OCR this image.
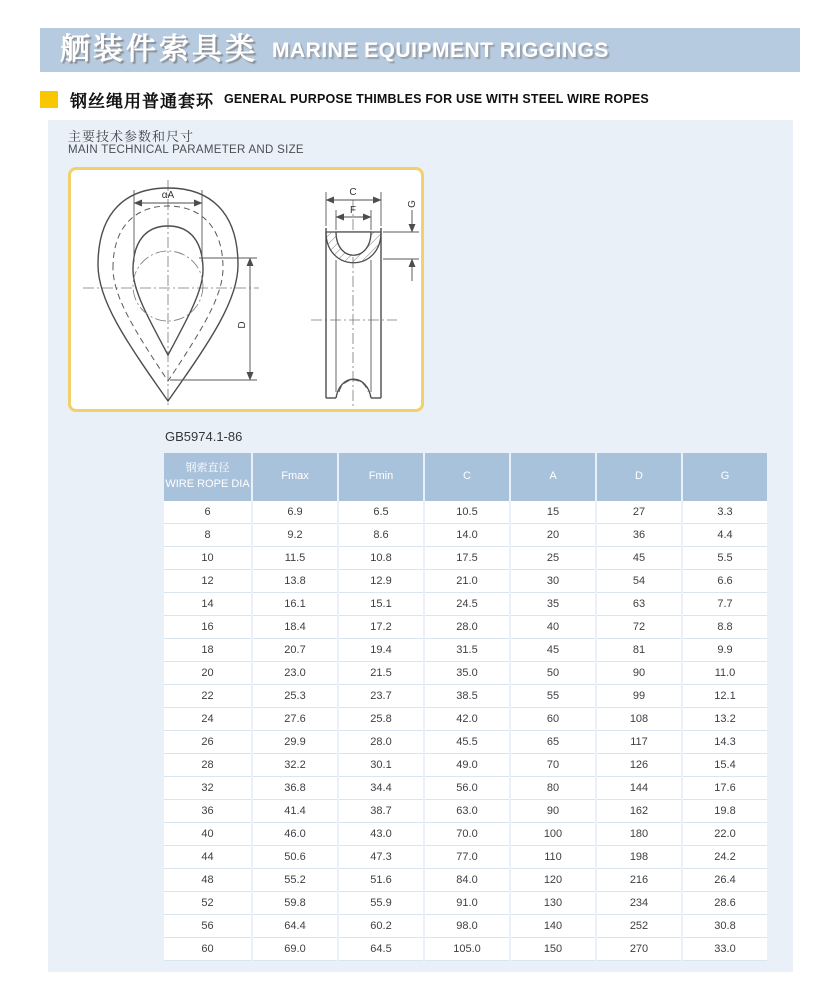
舾装件索具类 MARINE EQUIPMENT RIGGINGS
钢丝绳用普通套环 GENERAL PURPOSE THIMBLES FOR USE WITH STEEL WIRE ROPES
主要技术参数和尺寸
MAIN TECHNICAL PARAMETER AND SIZE
αA
D
C
F
G
GB5974.1-86
钢索直径
WIRE ROPE DIA	Fmax	Fmin	C	A	D	G
6	6.9	6.5	10.5	15	27	3.3
8	9.2	8.6	14.0	20	36	4.4
10	11.5	10.8	17.5	25	45	5.5
12	13.8	12.9	21.0	30	54	6.6
14	16.1	15.1	24.5	35	63	7.7
16	18.4	17.2	28.0	40	72	8.8
18	20.7	19.4	31.5	45	81	9.9
20	23.0	21.5	35.0	50	90	11.0
22	25.3	23.7	38.5	55	99	12.1
24	27.6	25.8	42.0	60	108	13.2
26	29.9	28.0	45.5	65	117	14.3
28	32.2	30.1	49.0	70	126	15.4
32	36.8	34.4	56.0	80	144	17.6
36	41.4	38.7	63.0	90	162	19.8
40	46.0	43.0	70.0	100	180	22.0
44	50.6	47.3	77.0	110	198	24.2
48	55.2	51.6	84.0	120	216	26.4
52	59.8	55.9	91.0	130	234	28.6
56	64.4	60.2	98.0	140	252	30.8
60	69.0	64.5	105.0	150	270	33.0
